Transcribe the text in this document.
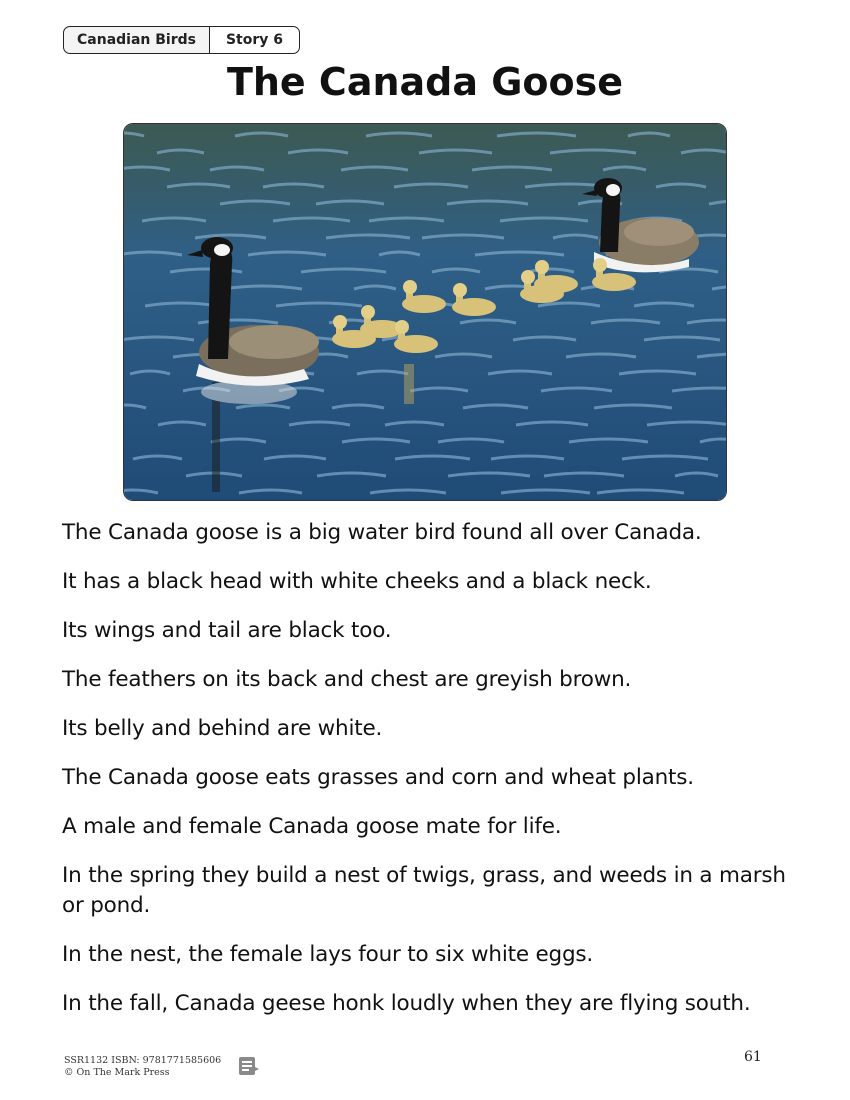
Canadian Birds	Story 6
The Canada Goose
The Canada goose is a big water bird found all over Canada.
It has a black head with white cheeks and a black neck.
Its wings and tail are black too.
The feathers on its back and chest are greyish brown.
Its belly and behind are white.
The Canada goose eats grasses and corn and wheat plants.
A male and female Canada goose mate for life.
In the spring they build a nest of twigs, grass, and weeds in a marsh or pond.
In the nest, the female lays four to six white eggs.
In the fall, Canada geese honk loudly when they are flying south.
SSR1132 ISBN: 9781771585606
© On The Mark Press
61
